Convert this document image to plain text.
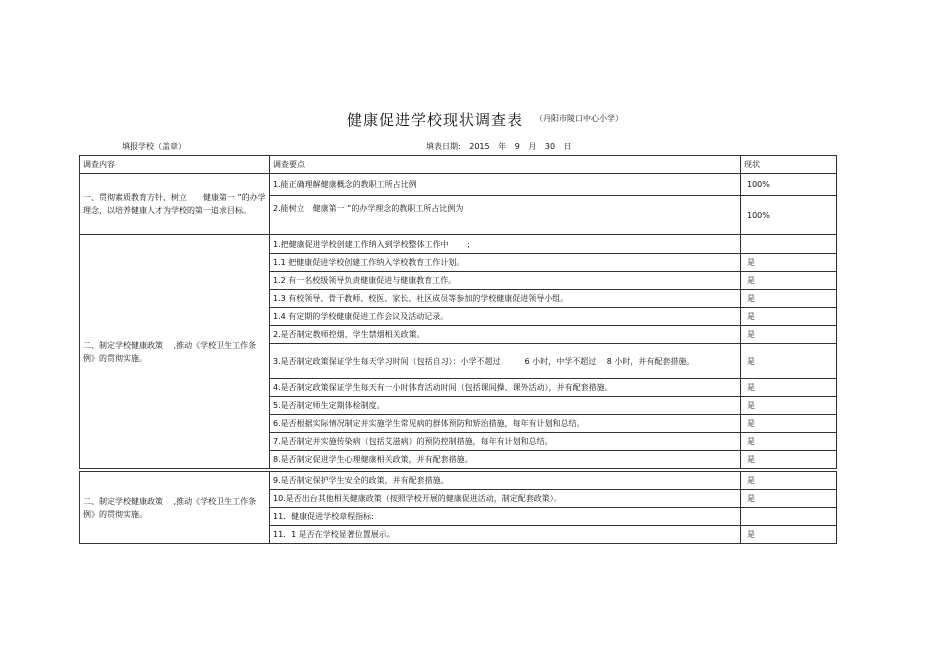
健康促进学校现状调查表 （丹阳市陵口中心小学）
填报学校（盖章）	填表日期: 2015 年 9 月 30 日
调查内容	调查要点	现状
一、贯彻素质教育方针，树立　　健康第一 ”的办学理念，以培养健康人才为学校的第一追求目标。	1.能正确理解健康概念的教职工所占比例	100%
	2.能树立　健康第一 ”的办学理念的教职工所占比例为	100%
二、制定学校健康政策　 ,推动《学校卫生工作条例》的贯彻实施。	1.把健康促进学校创建工作纳入到学校整体工作中　　 ;	
	1.1 把健康促进学校创建工作纳入学校教育工作计划。	是
	1.2 有一名校级领导负责健康促进与健康教育工作。	是
	1.3 有校领导、骨干教师、校医、家长、社区成员等参加的学校健康促进领导小组。	是
	1.4 有定期的学校健康促进工作会议及活动记录。	是
	2.是否制定教师控烟、学生禁烟相关政策。	是
	3.是否制定政策保证学生每天学习时间（包括自习）：小学不超过　　　6 小时，中学不超过　 8 小时，并有配套措施。	是
	4.是否制定政策保证学生每天有一小时体育活动时间（包括课间操、课外活动），并有配套措施。	是
	5.是否制定师生定期体检制度。	是
	6.是否根据实际情况制定并实施学生常见病的群体预防和矫治措施，每年有计划和总结。	是
	7.是否制定并实施传染病（包括艾滋病）的预防控制措施，每年有计划和总结。	是
	8.是否制定促进学生心理健康相关政策，并有配套措施。	是

二、制定学校健康政策　 ,推动《学校卫生工作条例》的贯彻实施。	9.是否制定保护学生安全的政策，并有配套措施。	是
	10.是否出台其他相关健康政策（按照学校开展的健康促进活动，制定配套政策）。	是
	11．健康促进学校章程指标:	
	11．1 是否在学校显著位置展示。	是
